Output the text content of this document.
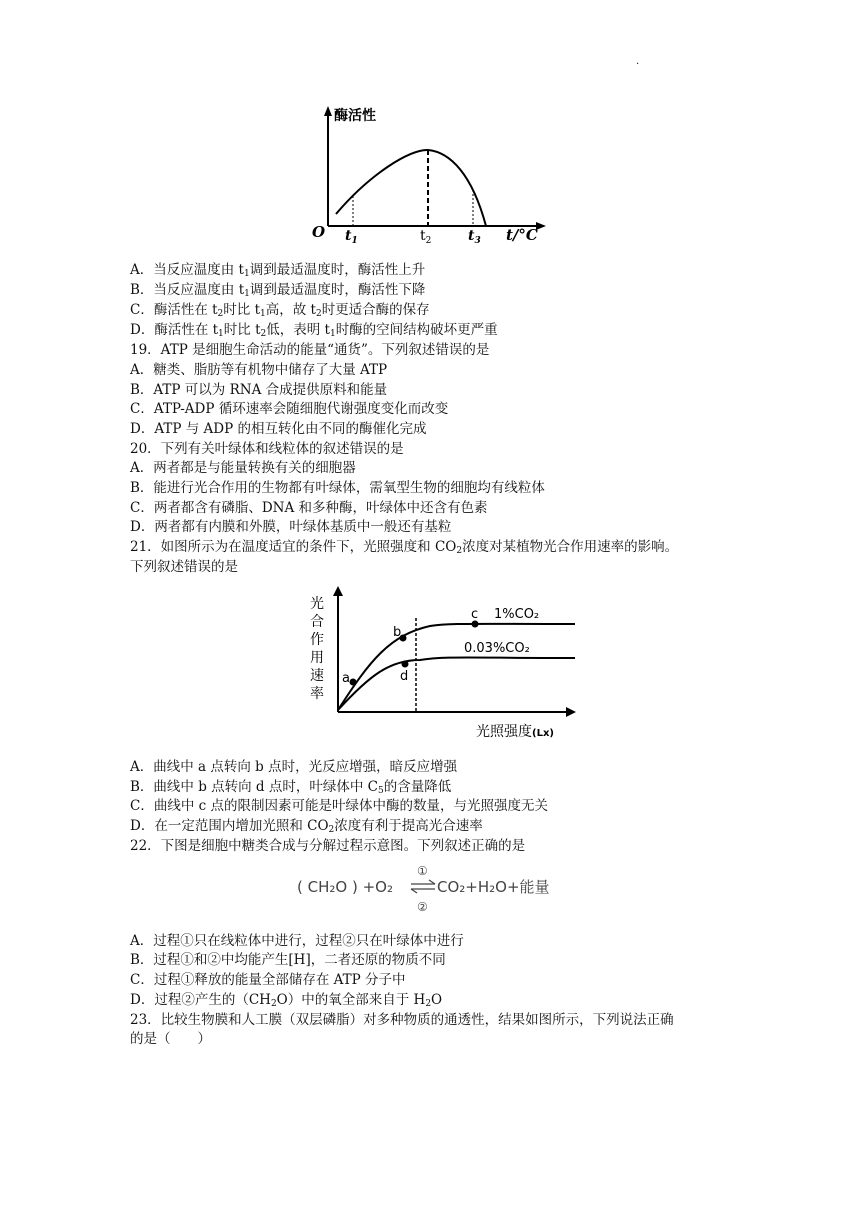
.
酶活性
O $t_1$	$t_2$	$t_3$ t/°C
A．当反应温度由 $t_1$调到最适温度时，酶活性上升
B．当反应温度由 $t_1$调到最适温度时，酶活性下降
C．酶活性在 $t_2$时比 $t_1$高，故 $t_2$时更适合酶的保存
D．酶活性在 $t_1$时比 $t_2$低，表明 $t_1$时酶的空间结构破坏更严重
19．ATP 是细胞生命活动的能量“通货”。下列叙述错误的是
A．糖类、脂肪等有机物中储存了大量 ATP
B．ATP 可以为 RNA 合成提供原料和能量
C．ATP-ADP 循环速率会随细胞代谢强度变化而改变
D．ATP 与 ADP 的相互转化由不同的酶催化完成
20．下列有关叶绿体和线粒体的叙述错误的是
A．两者都是与能量转换有关的细胞器
B．能进行光合作用的生物都有叶绿体，需氧型生物的细胞均有线粒体
C．两者都含有磷脂、DNA 和多种酶，叶绿体中还含有色素
D．两者都有内膜和外膜，叶绿体基质中一般还有基粒
21．如图所示为在温度适宜的条件下，光照强度和 $CO_2$浓度对某植物光合作用速率的影响。
下列叙述错误的是
光
合
作
用
速
率
a
b
c
d
1%CO₂
0.03%CO₂
光照强度(Lx)
A．曲线中 a 点转向 b 点时，光反应增强，暗反应增强
B．曲线中 b 点转向 d 点时，叶绿体中 $C_5$的含量降低
C．曲线中 c 点的限制因素可能是叶绿体中酶的数量，与光照强度无关
D．在一定范围内增加光照和 $CO_2$浓度有利于提高光合速率
22．下图是细胞中糖类合成与分解过程示意图。下列叙述正确的是
( CH₂O ) +O₂
①
②
CO₂+H₂O+能量
A．过程①只在线粒体中进行，过程②只在叶绿体中进行
B．过程①和②中均能产生[H]，二者还原的物质不同
C．过程①释放的能量全部储存在 ATP 分子中
D．过程②产生的$(CH_2O)$中的氧全部来自于 $H_2O$
23．比较生物膜和人工膜（双层磷脂）对多种物质的通透性，结果如图所示，下列说法正确
的是（　　）
